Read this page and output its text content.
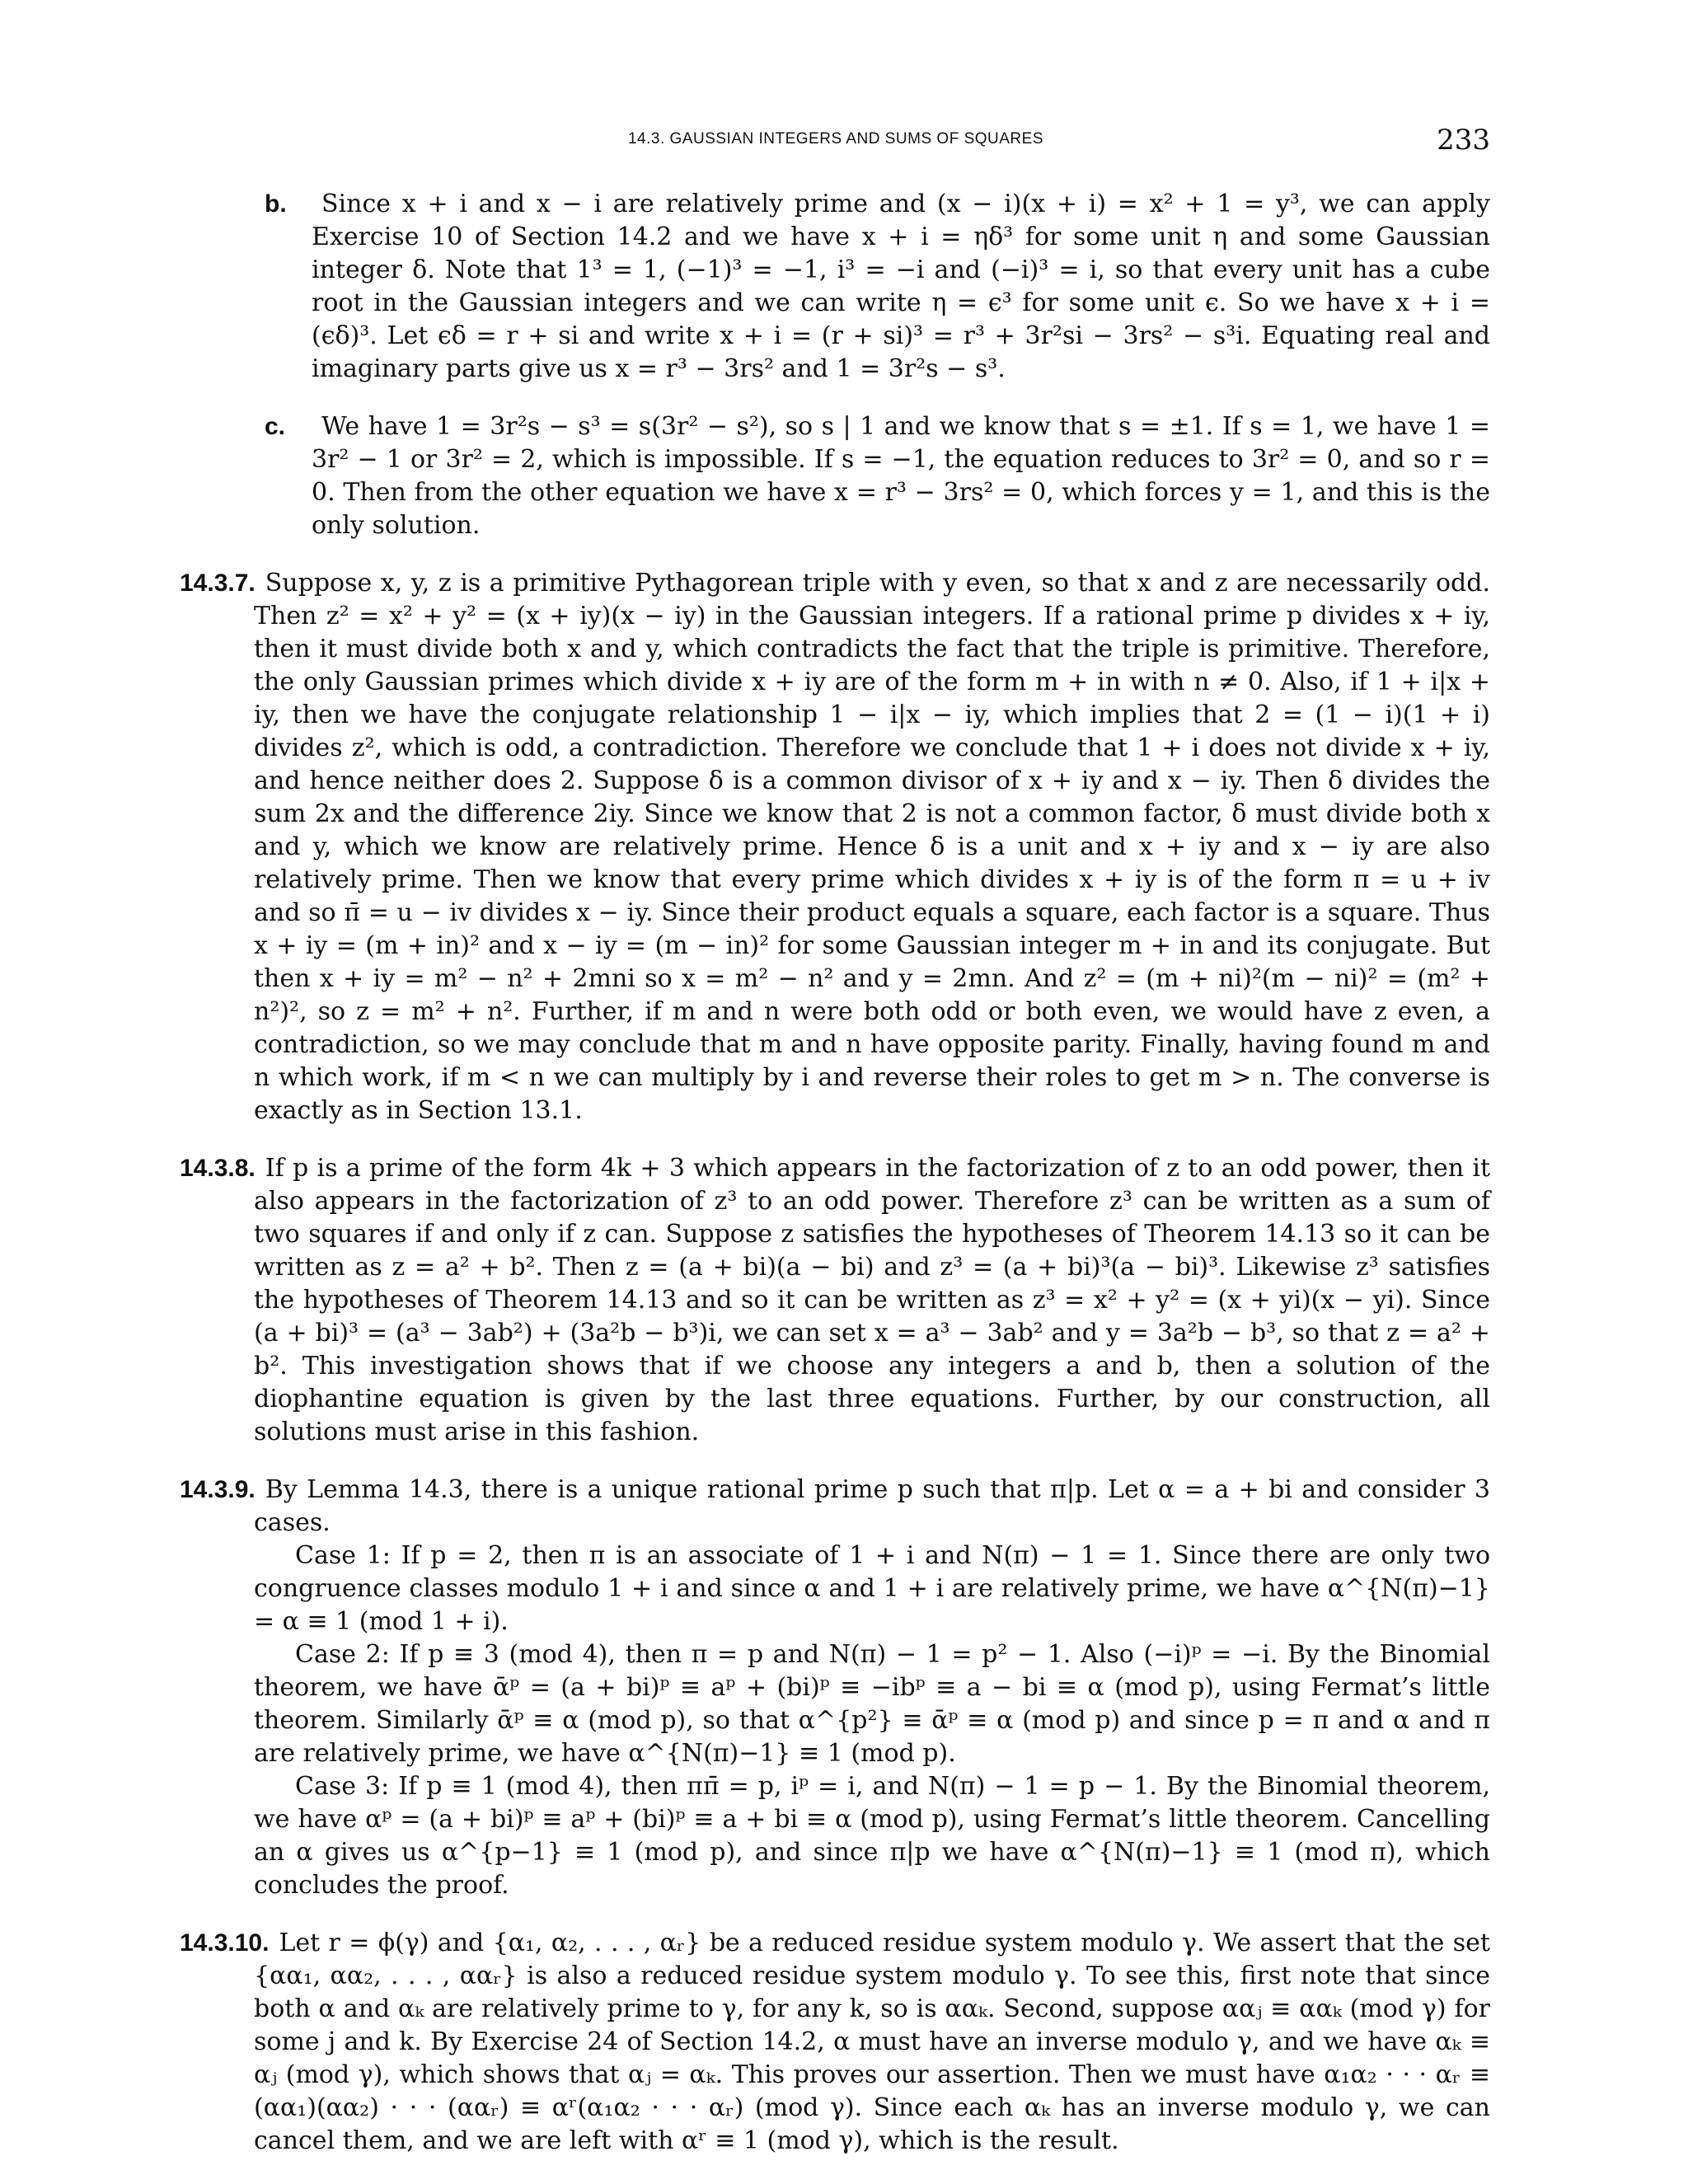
14.3. GAUSSIAN INTEGERS AND SUMS OF SQUARES	233
b. Since x + i and x − i are relatively prime and (x − i)(x + i) = x² + 1 = y³, we can apply Exercise 10 of Section 14.2 and we have x + i = ηδ³ for some unit η and some Gaussian integer δ. Note that 1³ = 1, (−1)³ = −1, i³ = −i and (−i)³ = i, so that every unit has a cube root in the Gaussian integers and we can write η = ϵ³ for some unit ϵ. So we have x + i = (ϵδ)³. Let ϵδ = r + si and write x + i = (r + si)³ = r³ + 3r²si − 3rs² − s³i. Equating real and imaginary parts give us x = r³ − 3rs² and 1 = 3r²s − s³.
c. We have 1 = 3r²s − s³ = s(3r² − s²), so s | 1 and we know that s = ±1. If s = 1, we have 1 = 3r² − 1 or 3r² = 2, which is impossible. If s = −1, the equation reduces to 3r² = 0, and so r = 0. Then from the other equation we have x = r³ − 3rs² = 0, which forces y = 1, and this is the only solution.
14.3.7. Suppose x, y, z is a primitive Pythagorean triple with y even, so that x and z are necessarily odd. Then z² = x² + y² = (x + iy)(x − iy) in the Gaussian integers. If a rational prime p divides x + iy, then it must divide both x and y, which contradicts the fact that the triple is primitive. Therefore, the only Gaussian primes which divide x + iy are of the form m + in with n ≠ 0. Also, if 1 + i|x + iy, then we have the conjugate relationship 1 − i|x − iy, which implies that 2 = (1 − i)(1 + i) divides z², which is odd, a contradiction. Therefore we conclude that 1 + i does not divide x + iy, and hence neither does 2. Suppose δ is a common divisor of x + iy and x − iy. Then δ divides the sum 2x and the difference 2iy. Since we know that 2 is not a common factor, δ must divide both x and y, which we know are relatively prime. Hence δ is a unit and x + iy and x − iy are also relatively prime. Then we know that every prime which divides x + iy is of the form π = u + iv and so π̄ = u − iv divides x − iy. Since their product equals a square, each factor is a square. Thus x + iy = (m + in)² and x − iy = (m − in)² for some Gaussian integer m + in and its conjugate. But then x + iy = m² − n² + 2mni so x = m² − n² and y = 2mn. And z² = (m + ni)²(m − ni)² = (m² + n²)², so z = m² + n². Further, if m and n were both odd or both even, we would have z even, a contradiction, so we may conclude that m and n have opposite parity. Finally, having found m and n which work, if m < n we can multiply by i and reverse their roles to get m > n. The converse is exactly as in Section 13.1.
14.3.8. If p is a prime of the form 4k + 3 which appears in the factorization of z to an odd power, then it also appears in the factorization of z³ to an odd power. Therefore z³ can be written as a sum of two squares if and only if z can. Suppose z satisfies the hypotheses of Theorem 14.13 so it can be written as z = a² + b². Then z = (a + bi)(a − bi) and z³ = (a + bi)³(a − bi)³. Likewise z³ satisfies the hypotheses of Theorem 14.13 and so it can be written as z³ = x² + y² = (x + yi)(x − yi). Since (a + bi)³ = (a³ − 3ab²) + (3a²b − b³)i, we can set x = a³ − 3ab² and y = 3a²b − b³, so that z = a² + b². This investigation shows that if we choose any integers a and b, then a solution of the diophantine equation is given by the last three equations. Further, by our construction, all solutions must arise in this fashion.
14.3.9. By Lemma 14.3, there is a unique rational prime p such that π|p. Let α = a + bi and consider 3 cases.
Case 1: If p = 2, then π is an associate of 1 + i and N(π) − 1 = 1. Since there are only two congruence classes modulo 1 + i and since α and 1 + i are relatively prime, we have α^{N(π)−1} = α ≡ 1 (mod 1 + i).
Case 2: If p ≡ 3 (mod 4), then π = p and N(π) − 1 = p² − 1. Also (−i)ᵖ = −i. By the Binomial theorem, we have ᾱᵖ = (a + bi)ᵖ ≡ aᵖ + (bi)ᵖ ≡ −ibᵖ ≡ a − bi ≡ α (mod p), using Fermat’s little theorem. Similarly ᾱᵖ ≡ α (mod p), so that α^{p²} ≡ ᾱᵖ ≡ α (mod p) and since p = π and α and π are relatively prime, we have α^{N(π)−1} ≡ 1 (mod p).
Case 3: If p ≡ 1 (mod 4), then ππ̄ = p, iᵖ = i, and N(π) − 1 = p − 1. By the Binomial theorem, we have αᵖ = (a + bi)ᵖ ≡ aᵖ + (bi)ᵖ ≡ a + bi ≡ α (mod p), using Fermat’s little theorem. Cancelling an α gives us α^{p−1} ≡ 1 (mod p), and since π|p we have α^{N(π)−1} ≡ 1 (mod π), which concludes the proof.
14.3.10. Let r = ϕ(γ) and {α₁, α₂, . . . , αᵣ} be a reduced residue system modulo γ. We assert that the set {αα₁, αα₂, . . . , ααᵣ} is also a reduced residue system modulo γ. To see this, first note that since both α and αₖ are relatively prime to γ, for any k, so is ααₖ. Second, suppose ααⱼ ≡ ααₖ (mod γ) for some j and k. By Exercise 24 of Section 14.2, α must have an inverse modulo γ, and we have αₖ ≡ αⱼ (mod γ), which shows that αⱼ = αₖ. This proves our assertion. Then we must have α₁α₂ · · · αᵣ ≡ (αα₁)(αα₂) · · · (ααᵣ) ≡ αʳ(α₁α₂ · · · αᵣ) (mod γ). Since each αₖ has an inverse modulo γ, we can cancel them, and we are left with αʳ ≡ 1 (mod γ), which is the result.
